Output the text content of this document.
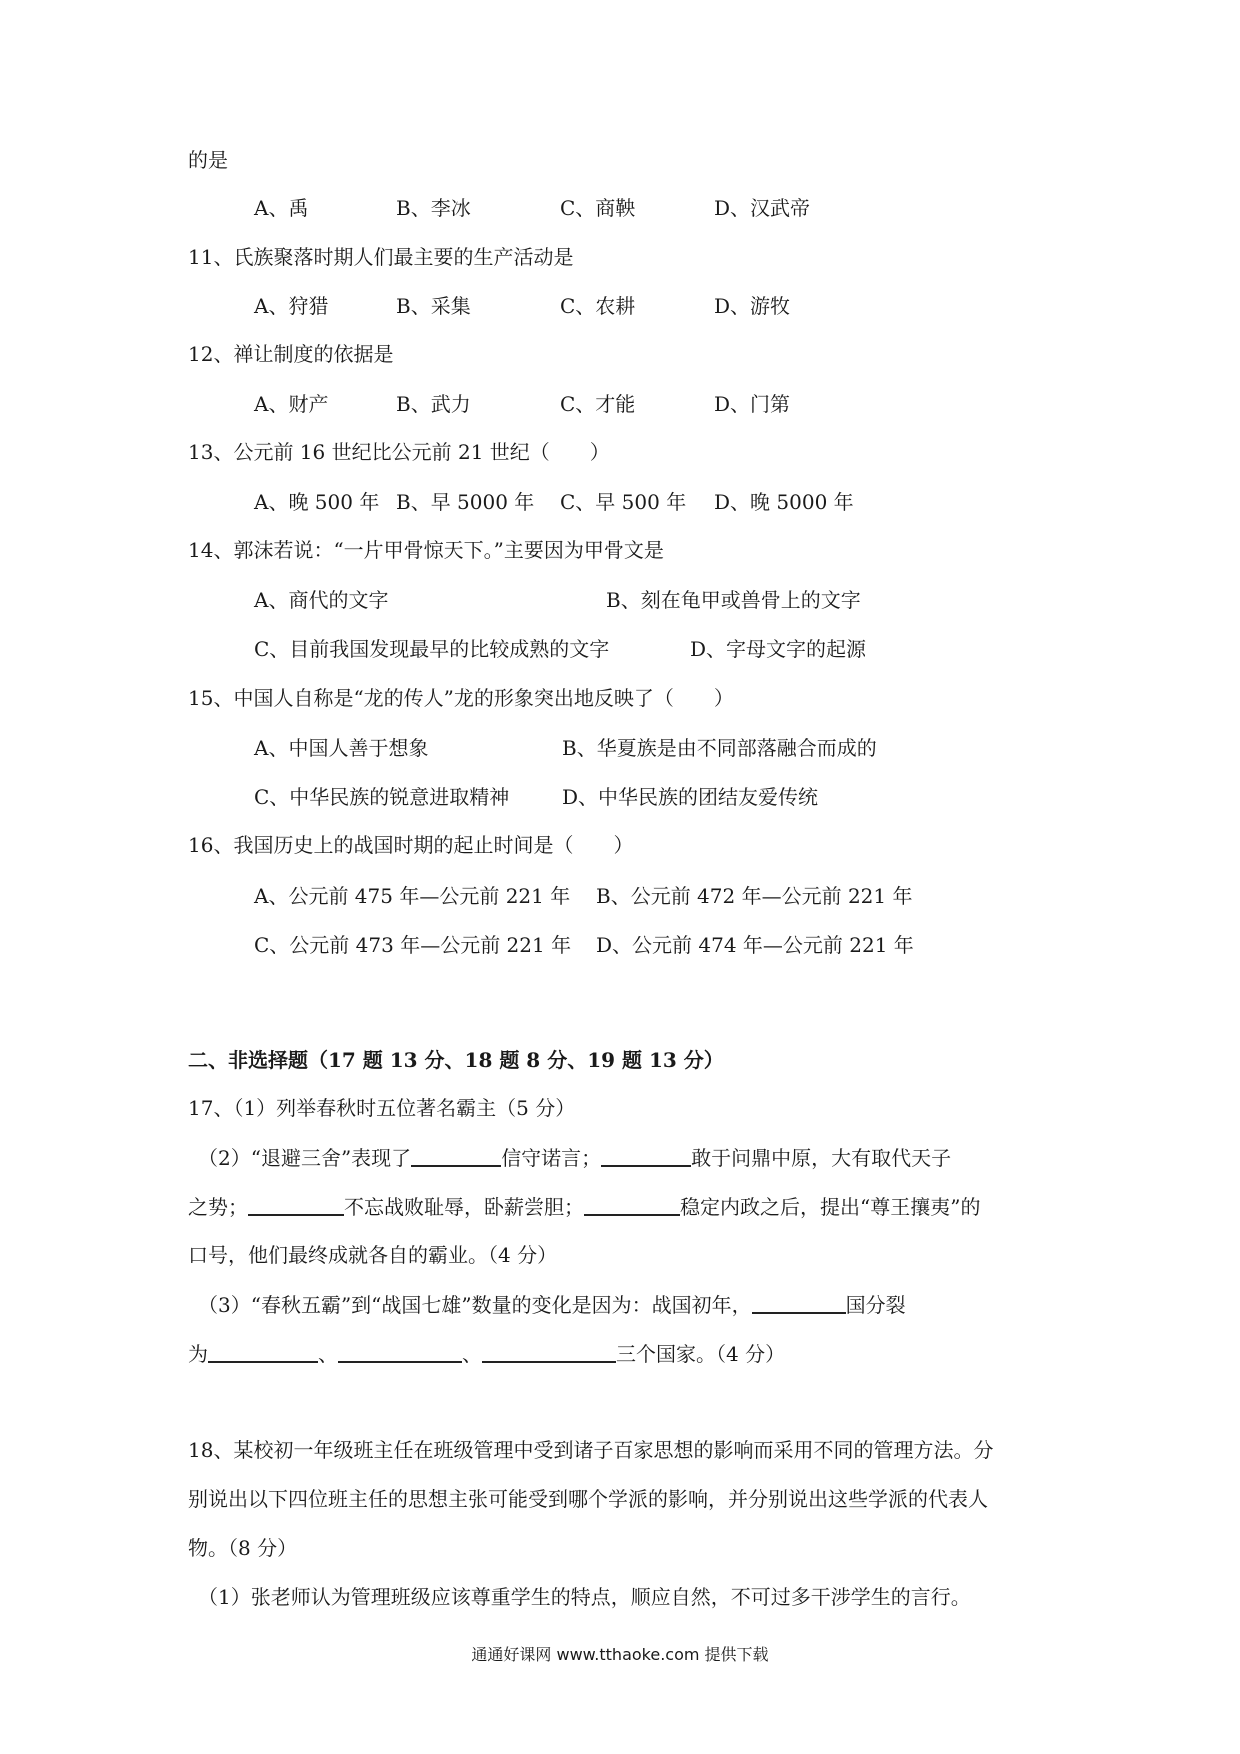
的是
A、禹	B、李冰	C、商鞅	D、汉武帝
11、氏族聚落时期人们最主要的生产活动是
A、狩猎	B、采集	C、农耕	D、游牧
12、禅让制度的依据是
A、财产	B、武力	C、才能	D、门第
13、公元前 16 世纪比公元前 21 世纪（　　）
A、晚 500 年 B、早 5000 年 C、早 500 年 D、晚 5000 年
14、郭沫若说：“一片甲骨惊天下。”主要因为甲骨文是
A、商代的文字	B、刻在龟甲或兽骨上的文字
C、目前我国发现最早的比较成熟的文字	D、字母文字的起源
15、中国人自称是“龙的传人”龙的形象突出地反映了（　　）
A、中国人善于想象	B、华夏族是由不同部落融合而成的
C、中华民族的锐意进取精神	D、中华民族的团结友爱传统
16、我国历史上的战国时期的起止时间是（　　）
A、公元前 475 年—公元前 221 年 B、公元前 472 年—公元前 221 年
C、公元前 473 年—公元前 221 年 D、公元前 474 年—公元前 221 年
二、非选择题（17 题 13 分、18 题 8 分、19 题 13 分）
17、（1）列举春秋时五位著名霸主（5 分）
（2）“退避三舍”表现了	信守诺言；	敢于问鼎中原，大有取代天子
之势；	不忘战败耻辱，卧薪尝胆；	稳定内政之后，提出“尊王攘夷”的
口号，他们最终成就各自的霸业。（4 分）
（3）“春秋五霸”到“战国七雄”数量的变化是因为：战国初年，	国分裂
为	、	、	三个国家。（4 分）
18、某校初一年级班主任在班级管理中受到诸子百家思想的影响而采用不同的管理方法。分
别说出以下四位班主任的思想主张可能受到哪个学派的影响，并分别说出这些学派的代表人
物。（8 分）
（1）张老师认为管理班级应该尊重学生的特点，顺应自然，不可过多干涉学生的言行。
通通好课网 www.tthaoke.com 提供下载
